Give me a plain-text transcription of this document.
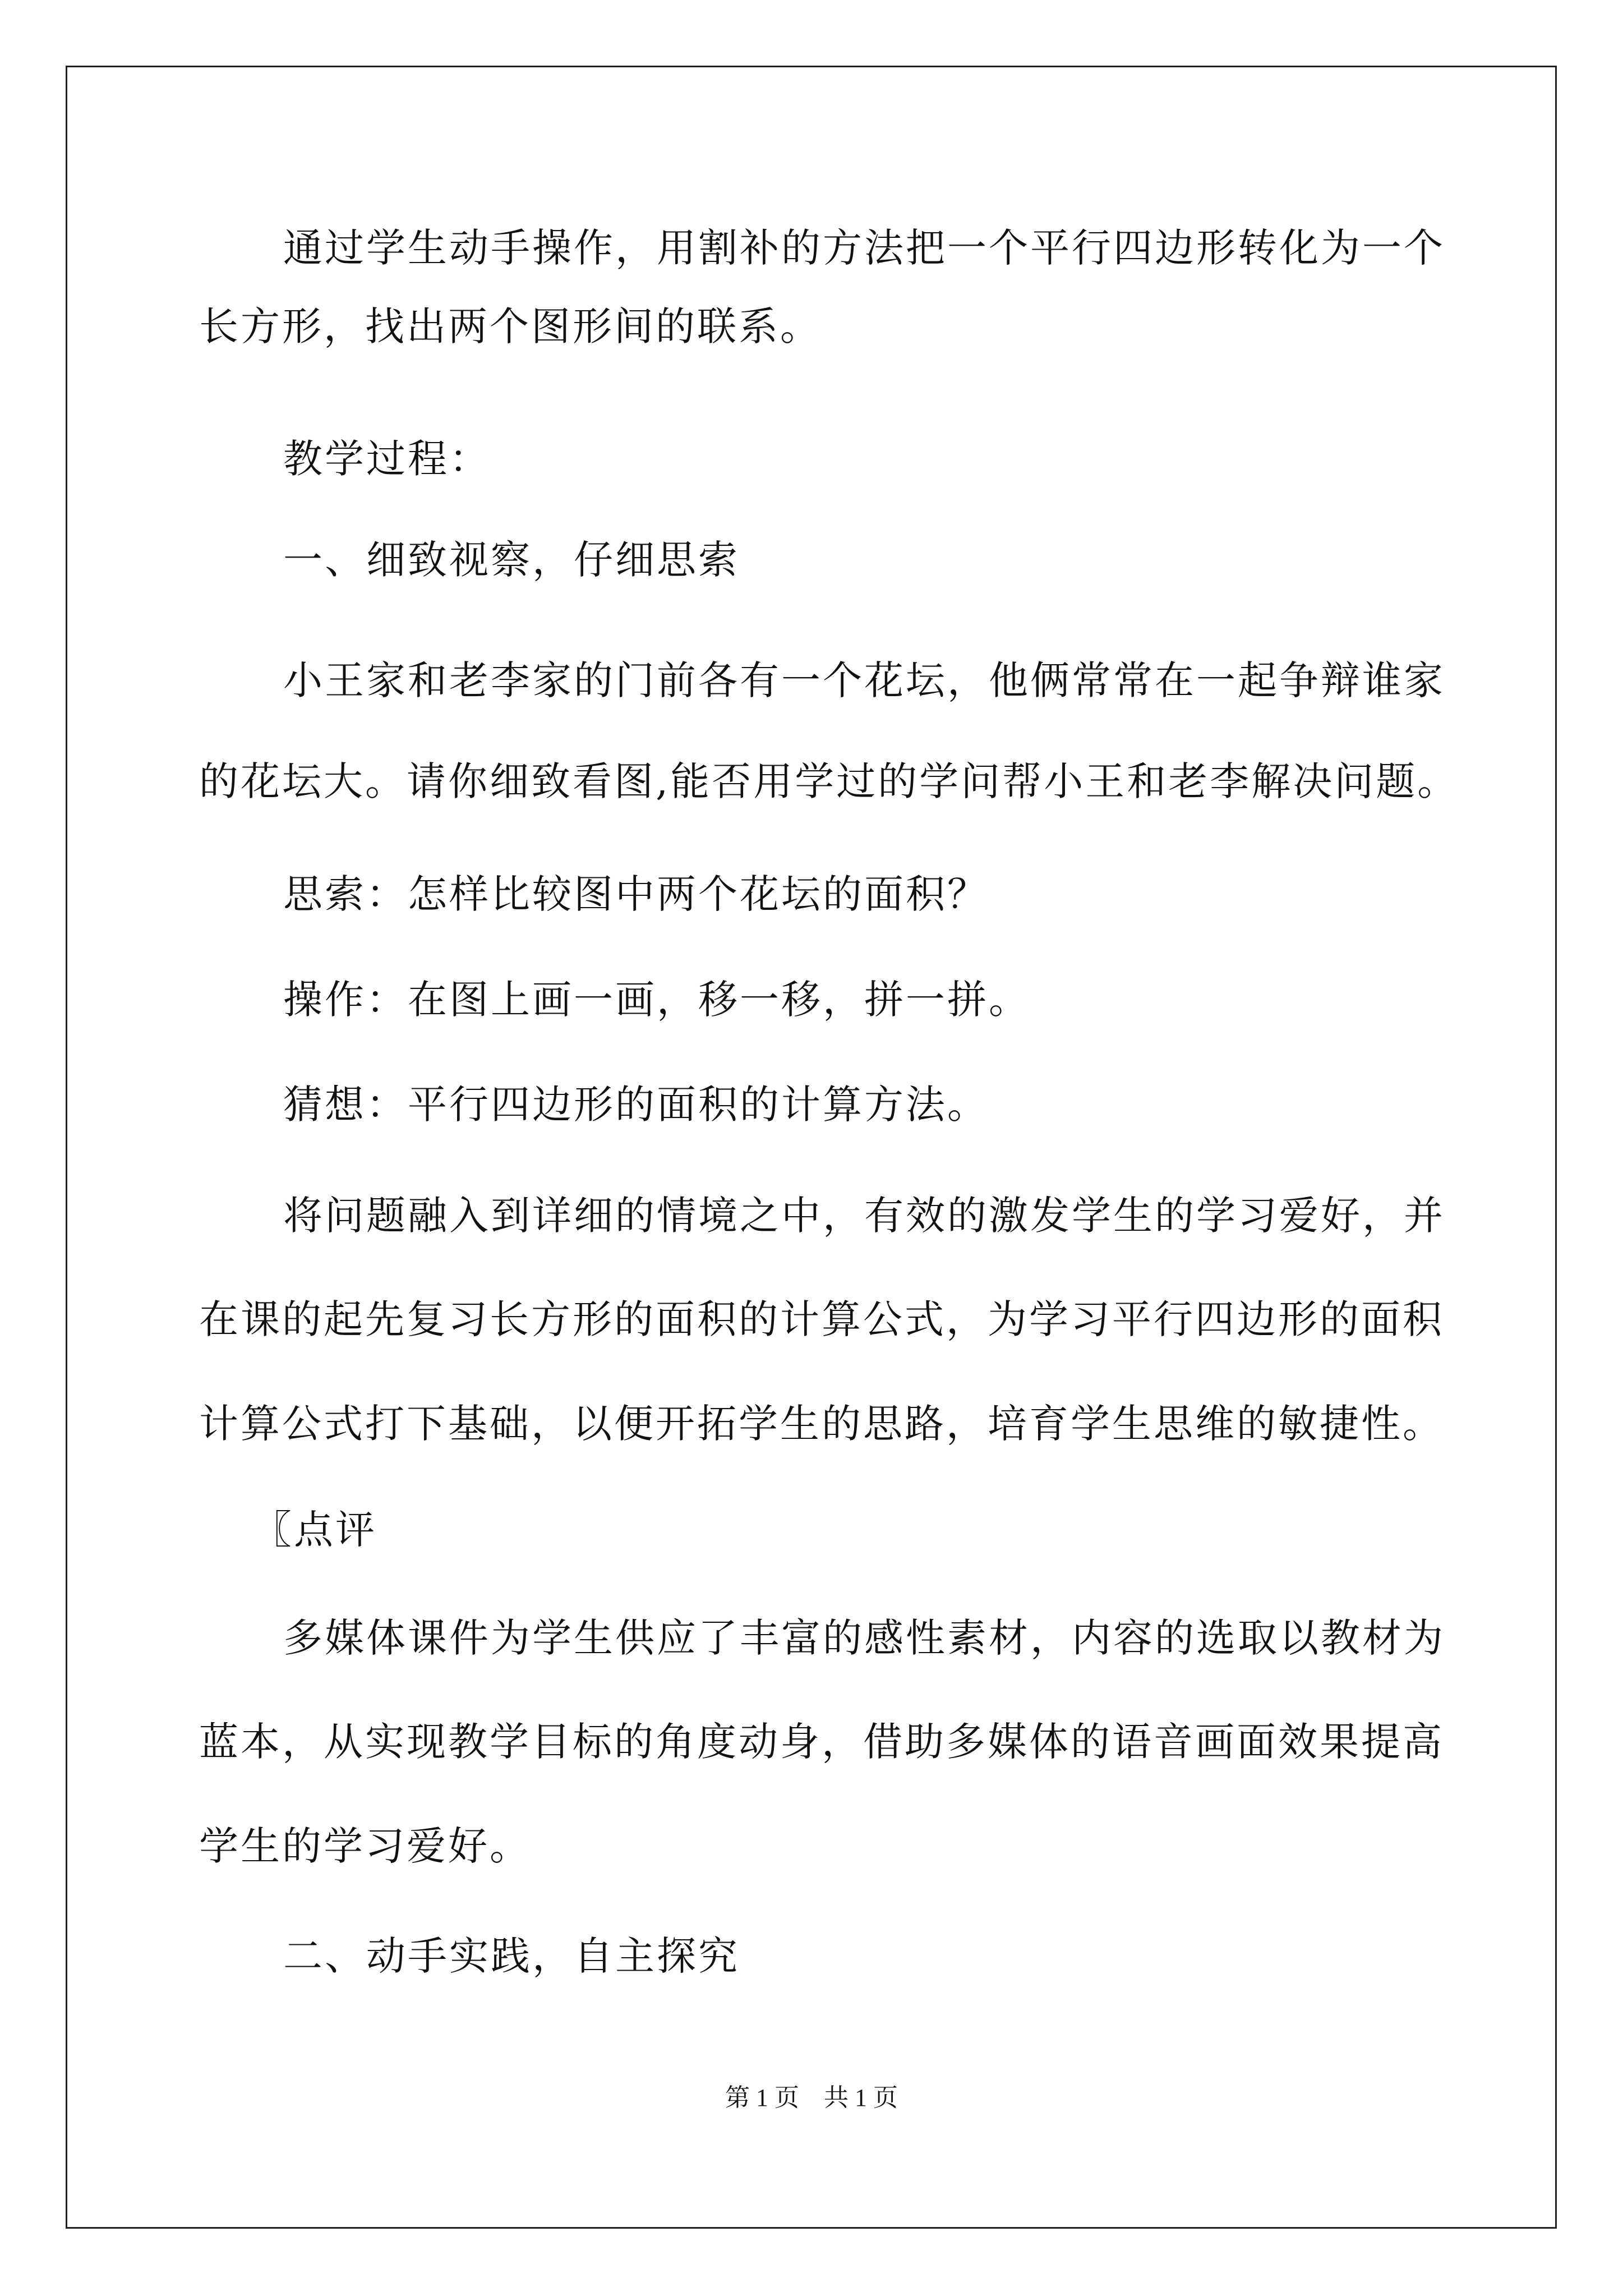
通过学生动手操作，用割补的方法把一个平行四边形转化为一个
长方形，找出两个图形间的联系。
教学过程：
一、细致视察，仔细思索
小王家和老李家的门前各有一个花坛，他俩常常在一起争辩谁家
的花坛大。请你细致看图,能否用学过的学问帮小王和老李解决问题。
思索：怎样比较图中两个花坛的面积？
操作：在图上画一画，移一移，拼一拼。
猜想：平行四边形的面积的计算方法。
将问题融入到详细的情境之中，有效的激发学生的学习爱好，并
在课的起先复习长方形的面积的计算公式，为学习平行四边形的面积
计算公式打下基础，以便开拓学生的思路，培育学生思维的敏捷性。
〖点评
多媒体课件为学生供应了丰富的感性素材，内容的选取以教材为
蓝本，从实现教学目标的角度动身，借助多媒体的语音画面效果提高
学生的学习爱好。
二、动手实践，自主探究
第 1 页　共 1 页
